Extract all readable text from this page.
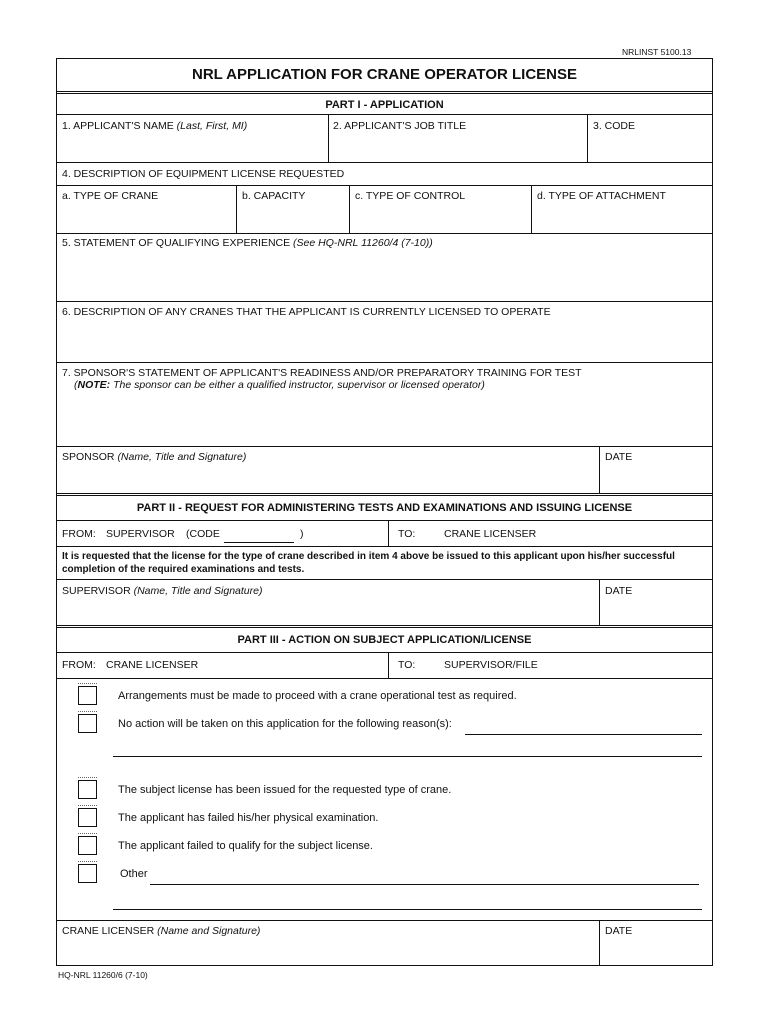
NRLINST 5100.13
NRL APPLICATION FOR CRANE OPERATOR LICENSE
PART I - APPLICATION
1. APPLICANT'S NAME (Last, First, MI)	2. APPLICANT'S JOB TITLE	3. CODE
4. DESCRIPTION OF EQUIPMENT LICENSE REQUESTED
a. TYPE OF CRANE	b. CAPACITY	c. TYPE OF CONTROL	d. TYPE OF ATTACHMENT
5. STATEMENT OF QUALIFYING EXPERIENCE (See HQ-NRL 11260/4 (7-10))
6. DESCRIPTION OF ANY CRANES THAT THE APPLICANT IS CURRENTLY LICENSED TO OPERATE
7. SPONSOR'S STATEMENT OF APPLICANT'S READINESS AND/OR PREPARATORY TRAINING FOR TEST
(NOTE: The sponsor can be either a qualified instructor, supervisor or licensed operator)
SPONSOR (Name, Title and Signature)	DATE
PART II - REQUEST FOR ADMINISTERING TESTS AND EXAMINATIONS AND ISSUING LICENSE
FROM: SUPERVISOR (CODE	)	TO:	CRANE LICENSER
It is requested that the license for the type of crane described in item 4 above be issued to this applicant upon his/her successful
completion of the required examinations and tests.
SUPERVISOR (Name, Title and Signature)	DATE
PART III - ACTION ON SUBJECT APPLICATION/LICENSE
FROM: CRANE LICENSER	TO:	SUPERVISOR/FILE
Arrangements must be made to proceed with a crane operational test as required.
No action will be taken on this application for the following reason(s):
The subject license has been issued for the requested type of crane.
The applicant has failed his/her physical examination.
The applicant failed to qualify for the subject license.
Other
CRANE LICENSER (Name and Signature)	DATE
HQ-NRL 11260/6 (7-10)
